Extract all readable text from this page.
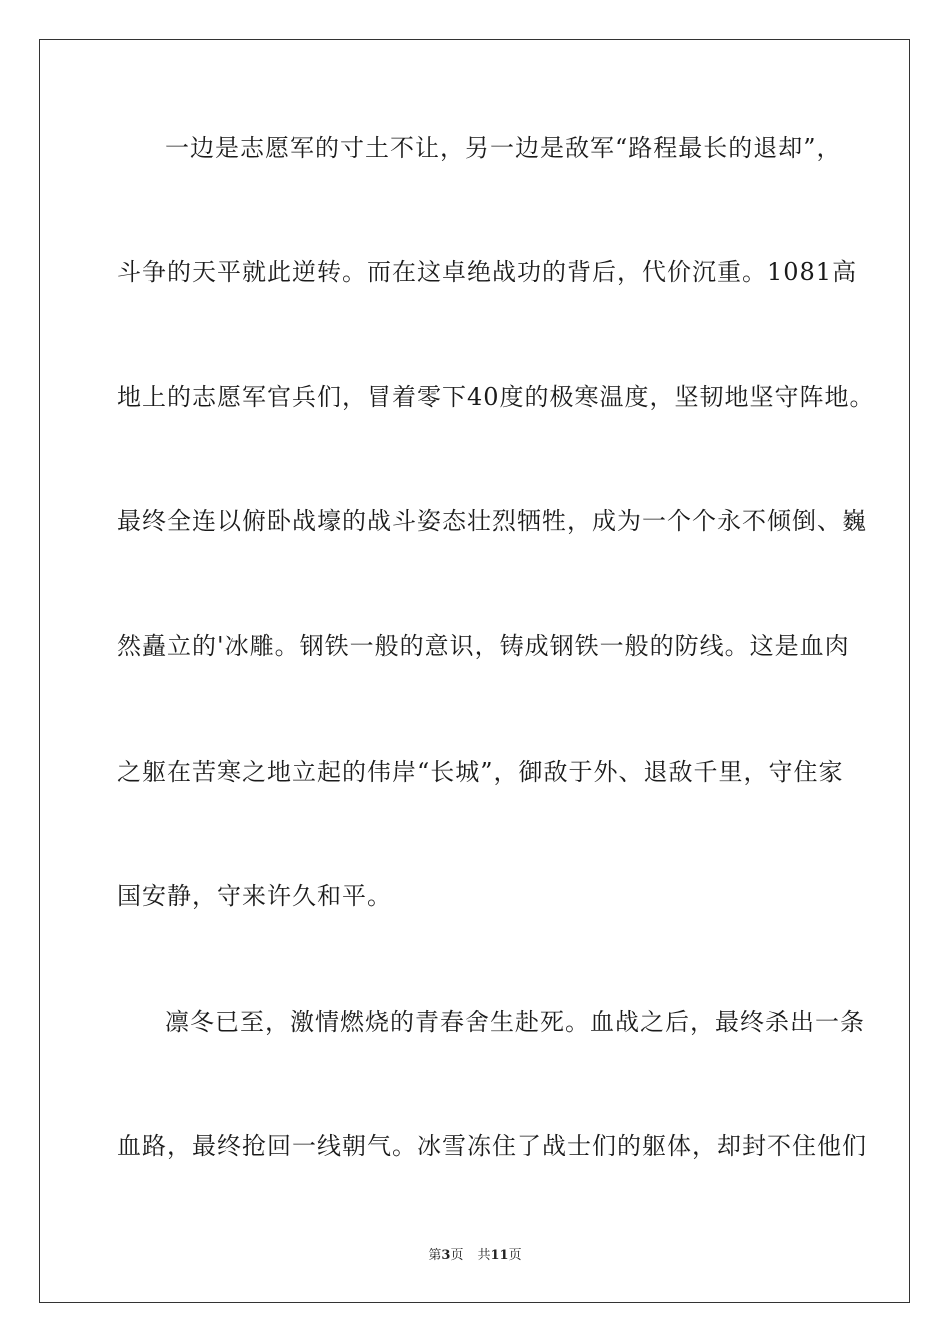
一边是志愿军的寸土不让，另一边是敌军“路程最长的退却”，
斗争的天平就此逆转。而在这卓绝战功的背后，代价沉重。1081高
地上的志愿军官兵们，冒着零下40度的极寒温度，坚韧地坚守阵地。
最终全连以俯卧战壕的战斗姿态壮烈牺牲，成为一个个永不倾倒、巍
然矗立的'冰雕。钢铁一般的意识，铸成钢铁一般的防线。这是血肉
之躯在苦寒之地立起的伟岸“长城”，御敌于外、退敌千里，守住家
国安静，守来许久和平。
凛冬已至，激情燃烧的青春舍生赴死。血战之后，最终杀出一条
血路，最终抢回一线朝气。冰雪冻住了战士们的躯体，却封不住他们
第3页 共11页
